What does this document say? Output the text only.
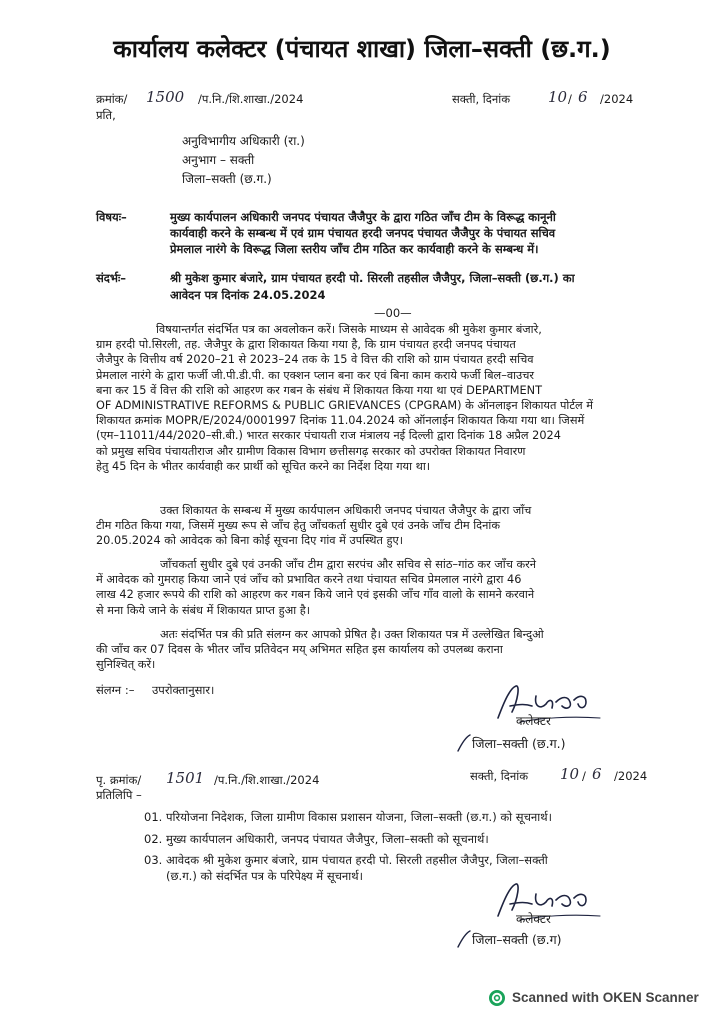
कार्यालय कलेक्टर (पंचायत शाखा) जिला–सक्ती (छ.ग.)
क्रमांक/ 1500 /प.नि./शि.शाखा./2024	सक्ती, दिनांक	10 / 6 /2024
प्रति,
अनुविभागीय अधिकारी (रा.)
अनुभाग – सक्ती
जिला–सक्ती (छ.ग.)
विषयः–	मुख्य कार्यपालन अधिकारी जनपद पंचायत जैजैपुर के द्वारा गठित जाँच टीम के विरूद्ध कानूनी
कार्यवाही करने के सम्बन्ध में एवं ग्राम पंचायत हरदी जनपद पंचायत जैजैपुर के पंचायत सचिव
प्रेमलाल नारंगे के विरूद्ध जिला स्तरीय जाँच टीम गठित कर कार्यवाही करने के सम्बन्ध में।
संदर्भः–	श्री मुकेश कुमार बंजारे, ग्राम पंचायत हरदी पो. सिरली तहसील जैजैपुर, जिला–सक्ती (छ.ग.) का
आवेदन पत्र दिनांक 24.05.2024
—00—
विषयान्तर्गत संदर्भित पत्र का अवलोकन करें। जिसके माध्यम से आवेदक श्री मुकेश कुमार बंजारे,
ग्राम हरदी पो.सिरली, तह. जैजैपुर के द्वारा शिकायत किया गया है, कि ग्राम पंचायत हरदी जनपद पंचायत
जैजैपुर के वित्तीय वर्ष 2020–21 से 2023–24 तक के 15 वे वित्त की राशि को ग्राम पंचायत हरदी सचिव
प्रेमलाल नारंगे के द्वारा फर्जी जी.पी.डी.पी. का एक्शन प्लान बना कर एवं बिना काम कराये फर्जी बिल–वाउचर
बना कर 15 वें वित्त की राशि को आहरण कर गबन के संबंध में शिकायत किया गया था एवं DEPARTMENT
OF ADMINISTRATIVE REFORMS & PUBLIC GRIEVANCES (CPGRAM) के ऑनलाइन शिकायत पोर्टल में
शिकायत क्रमांक MOPR/E/2024/0001997 दिनांक 11.04.2024 को ऑनलाईन शिकायत किया गया था। जिसमें
(एम–11011/44/2020–सी.बी.) भारत सरकार पंचायती राज मंत्रालय नई दिल्ली द्वारा दिनांक 18 अप्रैल 2024
को प्रमुख सचिव पंचायतीराज और ग्रामीण विकास विभाग छत्तीसगढ़ सरकार को उपरोक्त शिकायत निवारण
हेतु 45 दिन के भीतर कार्यवाही कर प्रार्थी को सूचित करने का निर्देश दिया गया था।
उक्त शिकायत के सम्बन्ध में मुख्य कार्यपालन अधिकारी जनपद पंचायत जैजैपुर के द्वारा जाँच
टीम गठित किया गया, जिसमें मुख्य रूप से जाँच हेतु जाँचकर्ता सुधीर दुबे एवं उनके जाँच टीम दिनांक
20.05.2024 को आवेदक को बिना कोई सूचना दिए गांव में उपस्थित हुए।
जाँचकर्ता सुधीर दुबे एवं उनकी जाँच टीम द्वारा सरपंच और सचिव से सांठ–गांठ कर जाँच करने
में आवेदक को गुमराह किया जाने एवं जाँच को प्रभावित करने तथा पंचायत सचिव प्रेमलाल नारंगे द्वारा 46
लाख 42 हजार रूपये की राशि को आहरण कर गबन किये जाने एवं इसकी जाँच गाँव वालो के सामने करवाने
से मना किये जाने के संबंध में शिकायत प्राप्त हुआ है।
अतः संदर्भित पत्र की प्रति संलग्न कर आपको प्रेषित है। उक्त शिकायत पत्र में उल्लेखित बिन्दुओ
की जाँच कर 07 दिवस के भीतर जाँच प्रतिवेदन मय् अभिमत सहित इस कार्यालय को उपलब्ध कराना
सुनिश्चित् करें।
संलग्न :– उपरोक्तानुसार।
कलेक्टर
जिला–सक्ती (छ.ग.)
पृ. क्रमांक/ 1501 /प.नि./शि.शाखा./2024	सक्ती, दिनांक 10 / 6 /2024
प्रतिलिपि –
01. परियोजना निदेशक, जिला ग्रामीण विकास प्रशासन योजना, जिला–सक्ती (छ.ग.) को सूचनार्थ।
02. मुख्य कार्यपालन अधिकारी, जनपद पंचायत जैजैपुर, जिला–सक्ती को सूचनार्थ।
03. आवेदक श्री मुकेश कुमार बंजारे, ग्राम पंचायत हरदी पो. सिरली तहसील जैजैपुर, जिला–सक्ती
(छ.ग.) को संदर्भित पत्र के परिपेक्ष्य में सूचनार्थ।
कलेक्टर
जिला–सक्ती (छ.ग)
Scanned with OKEN Scanner
